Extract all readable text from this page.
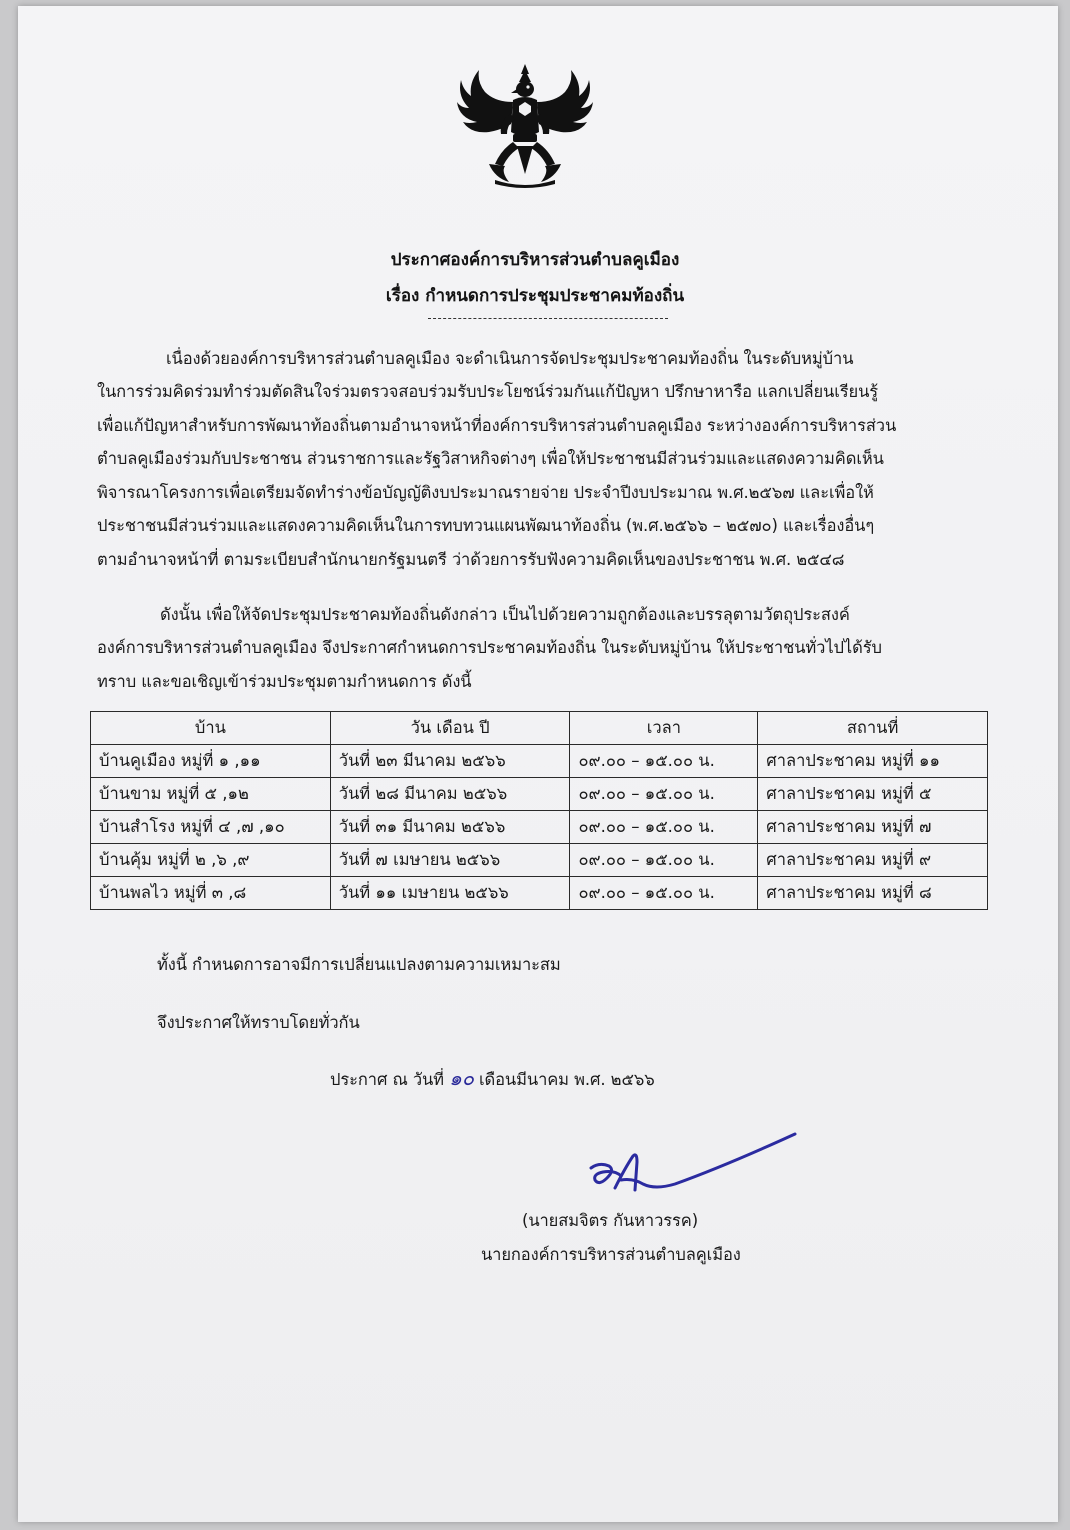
ประกาศองค์การบริหารส่วนตำบลคูเมือง
เรื่อง กำหนดการประชุมประชาคมท้องถิ่น
เนื่องด้วยองค์การบริหารส่วนตำบลคูเมือง จะดำเนินการจัดประชุมประชาคมท้องถิ่น ในระดับหมู่บ้าน
ในการร่วมคิดร่วมทำร่วมตัดสินใจร่วมตรวจสอบร่วมรับประโยชน์ร่วมกันแก้ปัญหา ปรึกษาหารือ แลกเปลี่ยนเรียนรู้
เพื่อแก้ปัญหาสำหรับการพัฒนาท้องถิ่นตามอำนาจหน้าที่องค์การบริหารส่วนตำบลคูเมือง ระหว่างองค์การบริหารส่วน
ตำบลคูเมืองร่วมกับประชาชน ส่วนราชการและรัฐวิสาหกิจต่างๆ เพื่อให้ประชาชนมีส่วนร่วมและแสดงความคิดเห็น
พิจารณาโครงการเพื่อเตรียมจัดทำร่างข้อบัญญัติงบประมาณรายจ่าย ประจำปีงบประมาณ พ.ศ.๒๕๖๗ และเพื่อให้
ประชาชนมีส่วนร่วมและแสดงความคิดเห็นในการทบทวนแผนพัฒนาท้องถิ่น (พ.ศ.๒๕๖๖ – ๒๕๗๐) และเรื่องอื่นๆ
ตามอำนาจหน้าที่ ตามระเบียบสำนักนายกรัฐมนตรี ว่าด้วยการรับฟังความคิดเห็นของประชาชน พ.ศ. ๒๕๔๘
ดังนั้น เพื่อให้จัดประชุมประชาคมท้องถิ่นดังกล่าว เป็นไปด้วยความถูกต้องและบรรลุตามวัตถุประสงค์
องค์การบริหารส่วนตำบลคูเมือง จึงประกาศกำหนดการประชาคมท้องถิ่น ในระดับหมู่บ้าน ให้ประชาชนทั่วไปได้รับ
ทราบ และขอเชิญเข้าร่วมประชุมตามกำหนดการ ดังนี้
บ้าน	วัน เดือน ปี	เวลา	สถานที่
บ้านคูเมือง หมู่ที่ ๑ ,๑๑	วันที่ ๒๓ มีนาคม ๒๕๖๖	๐๙.๐๐ – ๑๕.๐๐ น.	ศาลาประชาคม หมู่ที่ ๑๑
บ้านขาม หมู่ที่ ๕ ,๑๒	วันที่ ๒๘ มีนาคม ๒๕๖๖	๐๙.๐๐ – ๑๕.๐๐ น.	ศาลาประชาคม หมู่ที่ ๕
บ้านสำโรง หมู่ที่ ๔ ,๗ ,๑๐	วันที่ ๓๑ มีนาคม ๒๕๖๖	๐๙.๐๐ – ๑๕.๐๐ น.	ศาลาประชาคม หมู่ที่ ๗
บ้านคุ้ม หมู่ที่ ๒ ,๖ ,๙	วันที่ ๗ เมษายน ๒๕๖๖	๐๙.๐๐ – ๑๕.๐๐ น.	ศาลาประชาคม หมู่ที่ ๙
บ้านพลไว หมู่ที่ ๓ ,๘	วันที่ ๑๑ เมษายน ๒๕๖๖	๐๙.๐๐ – ๑๕.๐๐ น.	ศาลาประชาคม หมู่ที่ ๘
ทั้งนี้ กำหนดการอาจมีการเปลี่ยนแปลงตามความเหมาะสม
จึงประกาศให้ทราบโดยทั่วกัน
ประกาศ ณ วันที่ ๑๐ เดือนมีนาคม พ.ศ. ๒๕๖๖
(นายสมจิตร กันหาวรรค)
นายกองค์การบริหารส่วนตำบลคูเมือง
